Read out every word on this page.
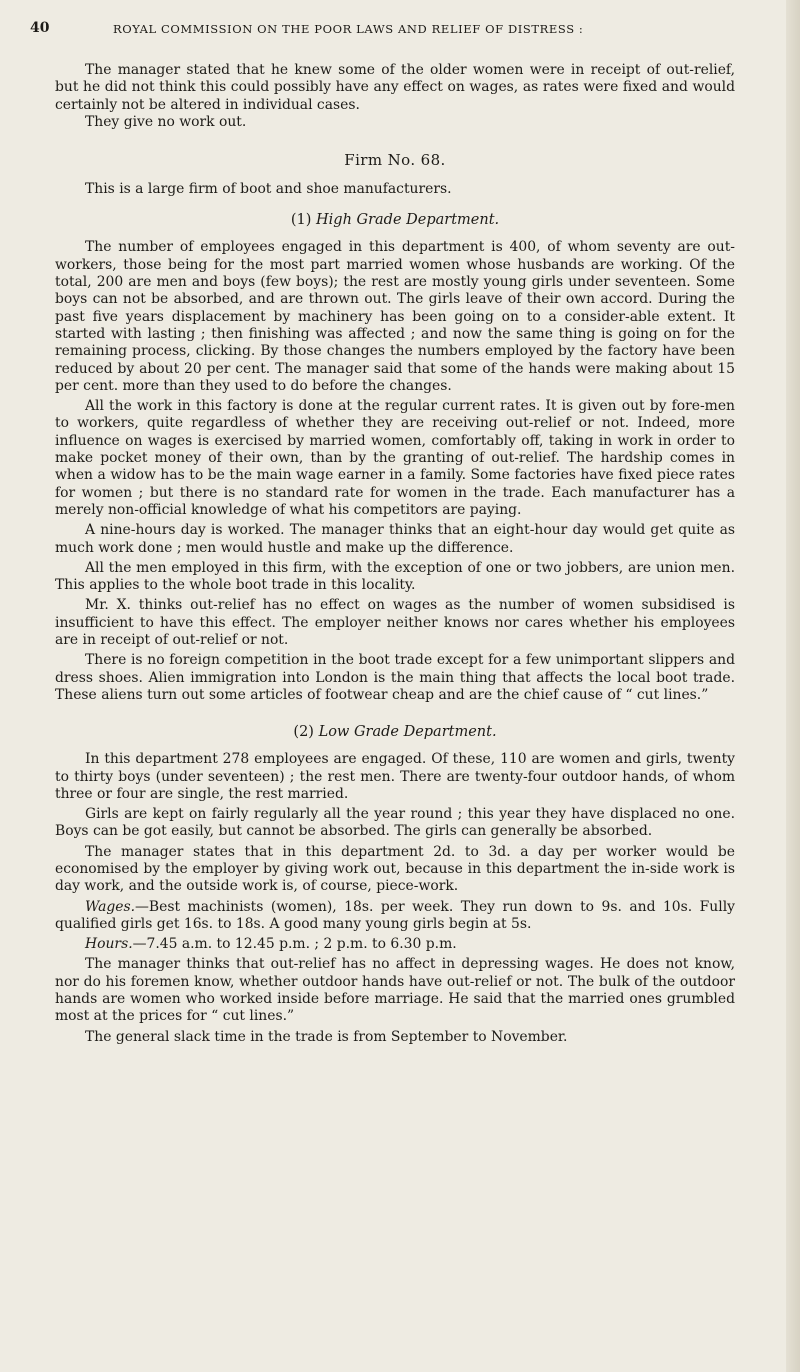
40	ROYAL COMMISSION ON THE POOR LAWS AND RELIEF OF DISTRESS :

The manager stated that he knew some of the older women were in receipt of out-relief, but he did not think this could possibly have any effect on wages, as rates were fixed and would certainly not be altered in individual cases.

They give no work out.

Firm No. 68.

This is a large firm of boot and shoe manufacturers.

(1) High Grade Department.

The number of employees engaged in this department is 400, of whom seventy are out-workers, those being for the most part married women whose husbands are working. Of the total, 200 are men and boys (few boys); the rest are mostly young girls under seventeen. Some boys can not be absorbed, and are thrown out. The girls leave of their own accord. During the past five years displacement by machinery has been going on to a consider-able extent. It started with lasting ; then finishing was affected ; and now the same thing is going on for the remaining process, clicking. By those changes the numbers employed by the factory have been reduced by about 20 per cent. The manager said that some of the hands were making about 15 per cent. more than they used to do before the changes.

All the work in this factory is done at the regular current rates. It is given out by fore-men to workers, quite regardless of whether they are receiving out-relief or not. Indeed, more influence on wages is exercised by married women, comfortably off, taking in work in order to make pocket money of their own, than by the granting of out-relief. The hardship comes in when a widow has to be the main wage earner in a family. Some factories have fixed piece rates for women ; but there is no standard rate for women in the trade. Each manufacturer has a merely non-official knowledge of what his competitors are paying.

A nine-hours day is worked. The manager thinks that an eight-hour day would get quite as much work done ; men would hustle and make up the difference.

All the men employed in this firm, with the exception of one or two jobbers, are union men. This applies to the whole boot trade in this locality.

Mr. X. thinks out-relief has no effect on wages as the number of women subsidised is insufficient to have this effect. The employer neither knows nor cares whether his employees are in receipt of out-relief or not.

There is no foreign competition in the boot trade except for a few unimportant slippers and dress shoes. Alien immigration into London is the main thing that affects the local boot trade. These aliens turn out some articles of footwear cheap and are the chief cause of “ cut lines.”

(2) Low Grade Department.

In this department 278 employees are engaged. Of these, 110 are women and girls, twenty to thirty boys (under seventeen) ; the rest men. There are twenty-four outdoor hands, of whom three or four are single, the rest married.

Girls are kept on fairly regularly all the year round ; this year they have displaced no one. Boys can be got easily, but cannot be absorbed. The girls can generally be absorbed.

The manager states that in this department 2d. to 3d. a day per worker would be economised by the employer by giving work out, because in this department the in-side work is day work, and the outside work is, of course, piece-work.

Wages.—Best machinists (women), 18s. per week. They run down to 9s. and 10s. Fully qualified girls get 16s. to 18s. A good many young girls begin at 5s.

Hours.—7.45 a.m. to 12.45 p.m. ; 2 p.m. to 6.30 p.m.

The manager thinks that out-relief has no affect in depressing wages. He does not know, nor do his foremen know, whether outdoor hands have out-relief or not. The bulk of the outdoor hands are women who worked inside before marriage. He said that the married ones grumbled most at the prices for “ cut lines.”

The general slack time in the trade is from September to November.
